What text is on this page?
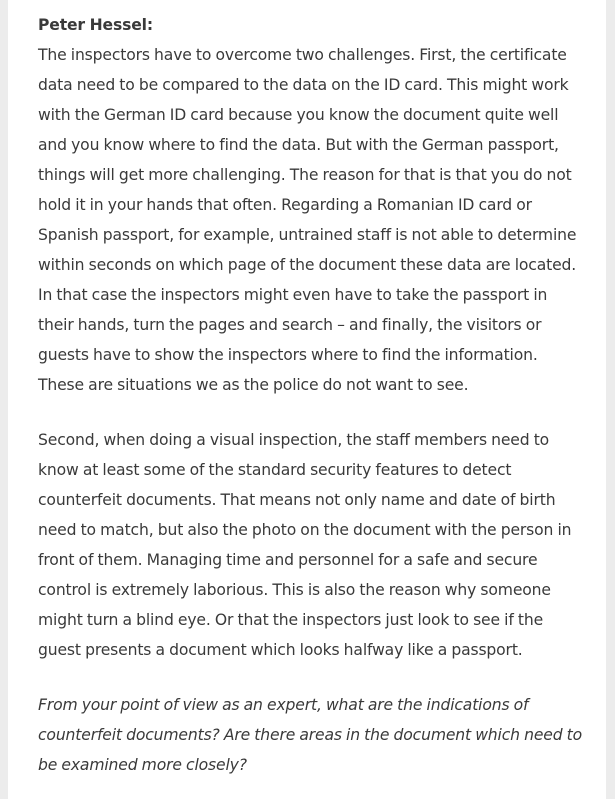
Peter Hessel:

The inspectors have to overcome two challenges. First, the certificate data need to be compared to the data on the ID card. This might work with the German ID card because you know the document quite well and you know where to find the data. But with the German passport, things will get more challenging. The reason for that is that you do not hold it in your hands that often. Regarding a Romanian ID card or Spanish passport, for example, untrained staff is not able to determine within seconds on which page of the document these data are located. In that case the inspectors might even have to take the passport in their hands, turn the pages and search – and finally, the visitors or guests have to show the inspectors where to find the information. These are situations we as the police do not want to see.

Second, when doing a visual inspection, the staff members need to know at least some of the standard security features to detect counterfeit documents. That means not only name and date of birth need to match, but also the photo on the document with the person in front of them. Managing time and personnel for a safe and secure control is extremely laborious. This is also the reason why someone might turn a blind eye. Or that the inspectors just look to see if the guest presents a document which looks halfway like a passport.

From your point of view as an expert, what are the indications of counterfeit documents? Are there areas in the document which need to be examined more closely?
